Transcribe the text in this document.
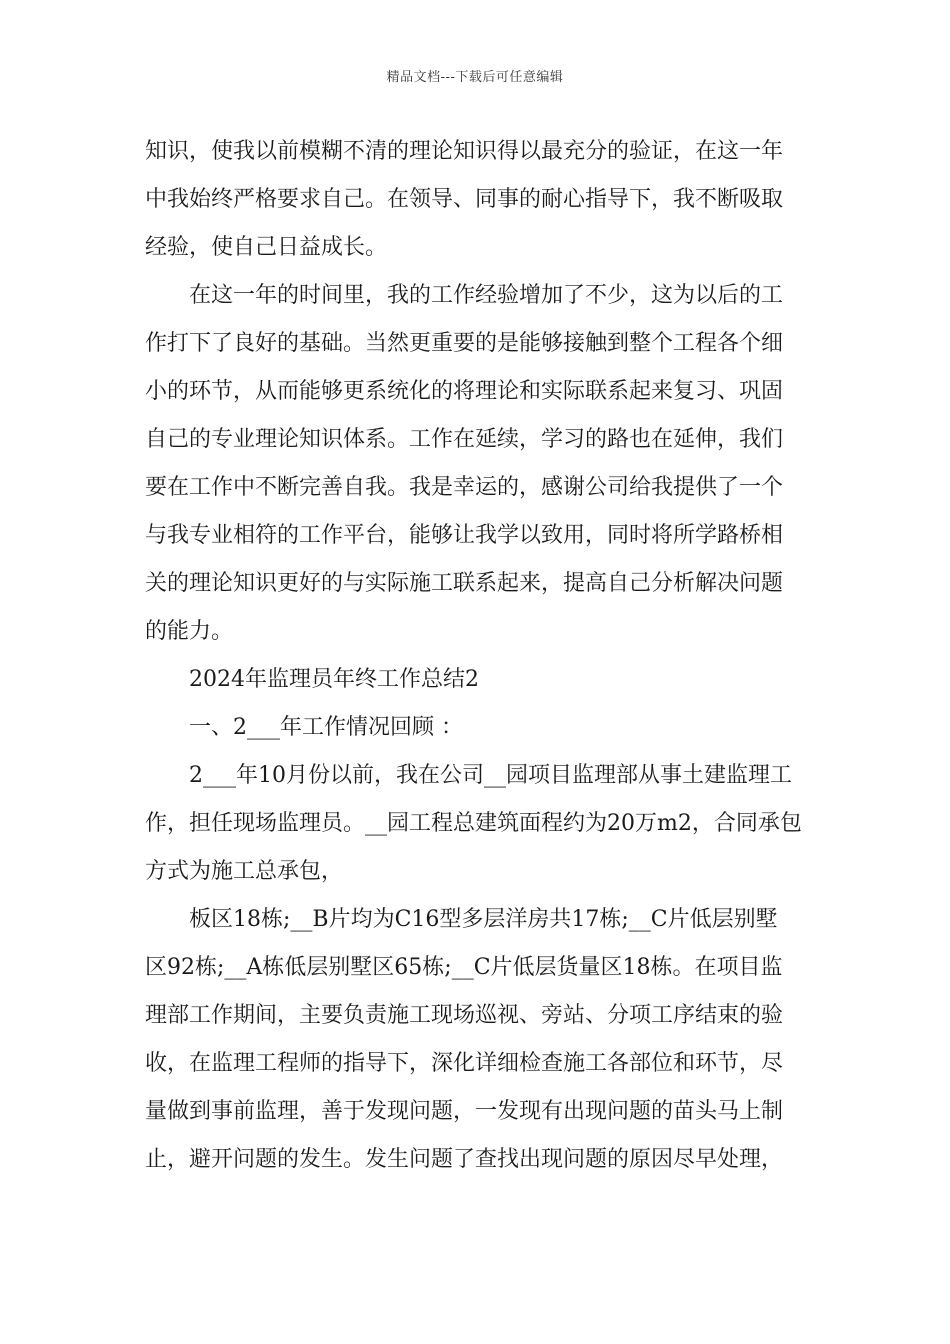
精品文档---下载后可任意编辑
知识，使我以前模糊不清的理论知识得以最充分的验证，在这一年
中我始终严格要求自己。在领导、同事的耐心指导下，我不断吸取
经验，使自己日益成长。
在这一年的时间里，我的工作经验增加了不少，这为以后的工
作打下了良好的基础。当然更重要的是能够接触到整个工程各个细
小的环节，从而能够更系统化的将理论和实际联系起来复习、巩固
自己的专业理论知识体系。工作在延续，学习的路也在延伸，我们
要在工作中不断完善自我。我是幸运的，感谢公司给我提供了一个
与我专业相符的工作平台，能够让我学以致用，同时将所学路桥相
关的理论知识更好的与实际施工联系起来，提高自己分析解决问题
的能力。
2024年监理员年终工作总结2
一、2___年工作情况回顾 ：
2___年10月份以前，我在公司__园项目监理部从事土建监理工
作，担任现场监理员。__园工程总建筑面程约为20万m2，合同承包
方式为施工总承包，
板区18栋;__B片均为C16型多层洋房共17栋;__C片低层别墅
区92栋;__A栋低层别墅区65栋;__C片低层货量区18栋。在项目监
理部工作期间，主要负责施工现场巡视、旁站、分项工序结束的验
收，在监理工程师的指导下，深化详细检查施工各部位和环节，尽
量做到事前监理，善于发现问题，一发现有出现问题的苗头马上制
止，避开问题的发生。发生问题了查找出现问题的原因尽早处理，
